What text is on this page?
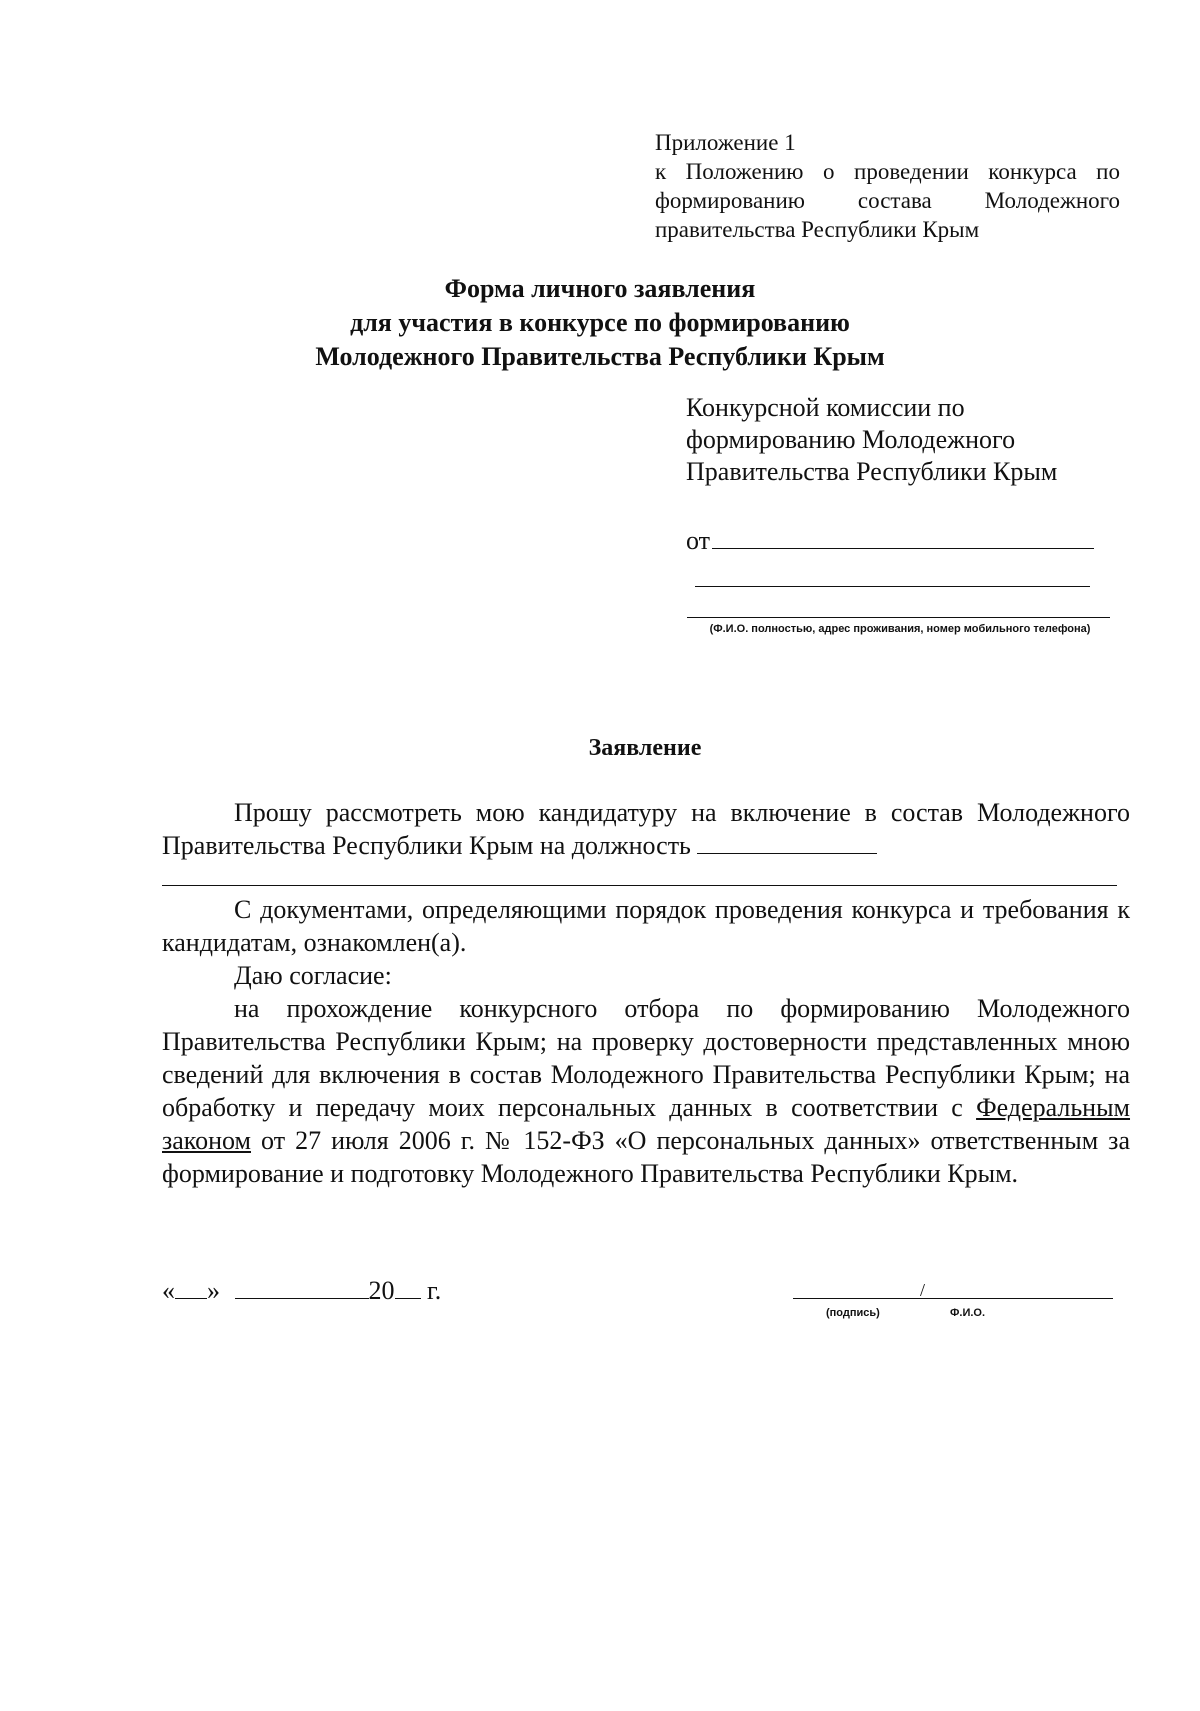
Приложение 1
к Положению о проведении конкурса по формированию состава Молодежного правительства Республики Крым
Форма личного заявления
для участия в конкурсе по формированию
Молодежного Правительства Республики Крым
Конкурсной комиссии по
формированию Молодежного
Правительства Республики Крым
от
(Ф.И.О. полностью, адрес проживания, номер мобильного телефона)
Заявление
Прошу рассмотреть мою кандидатуру на включение в состав Молодежного Правительства Республики Крым на должность
С документами, определяющими порядок проведения конкурса и требования к кандидатам, ознакомлен(а).
Даю согласие:
на прохождение конкурсного отбора по формированию Молодежного Правительства Республики Крым; на проверку достоверности представленных мною сведений для включения в состав Молодежного Правительства Республики Крым; на обработку и передачу моих персональных данных в соответствии с Федеральным законом от 27 июля 2006 г. № 152-ФЗ «О персональных данных» ответственным за формирование и подготовку Молодежного Правительства Республики Крым.
« »	20 г.	/
(подпись)	Ф.И.О.
